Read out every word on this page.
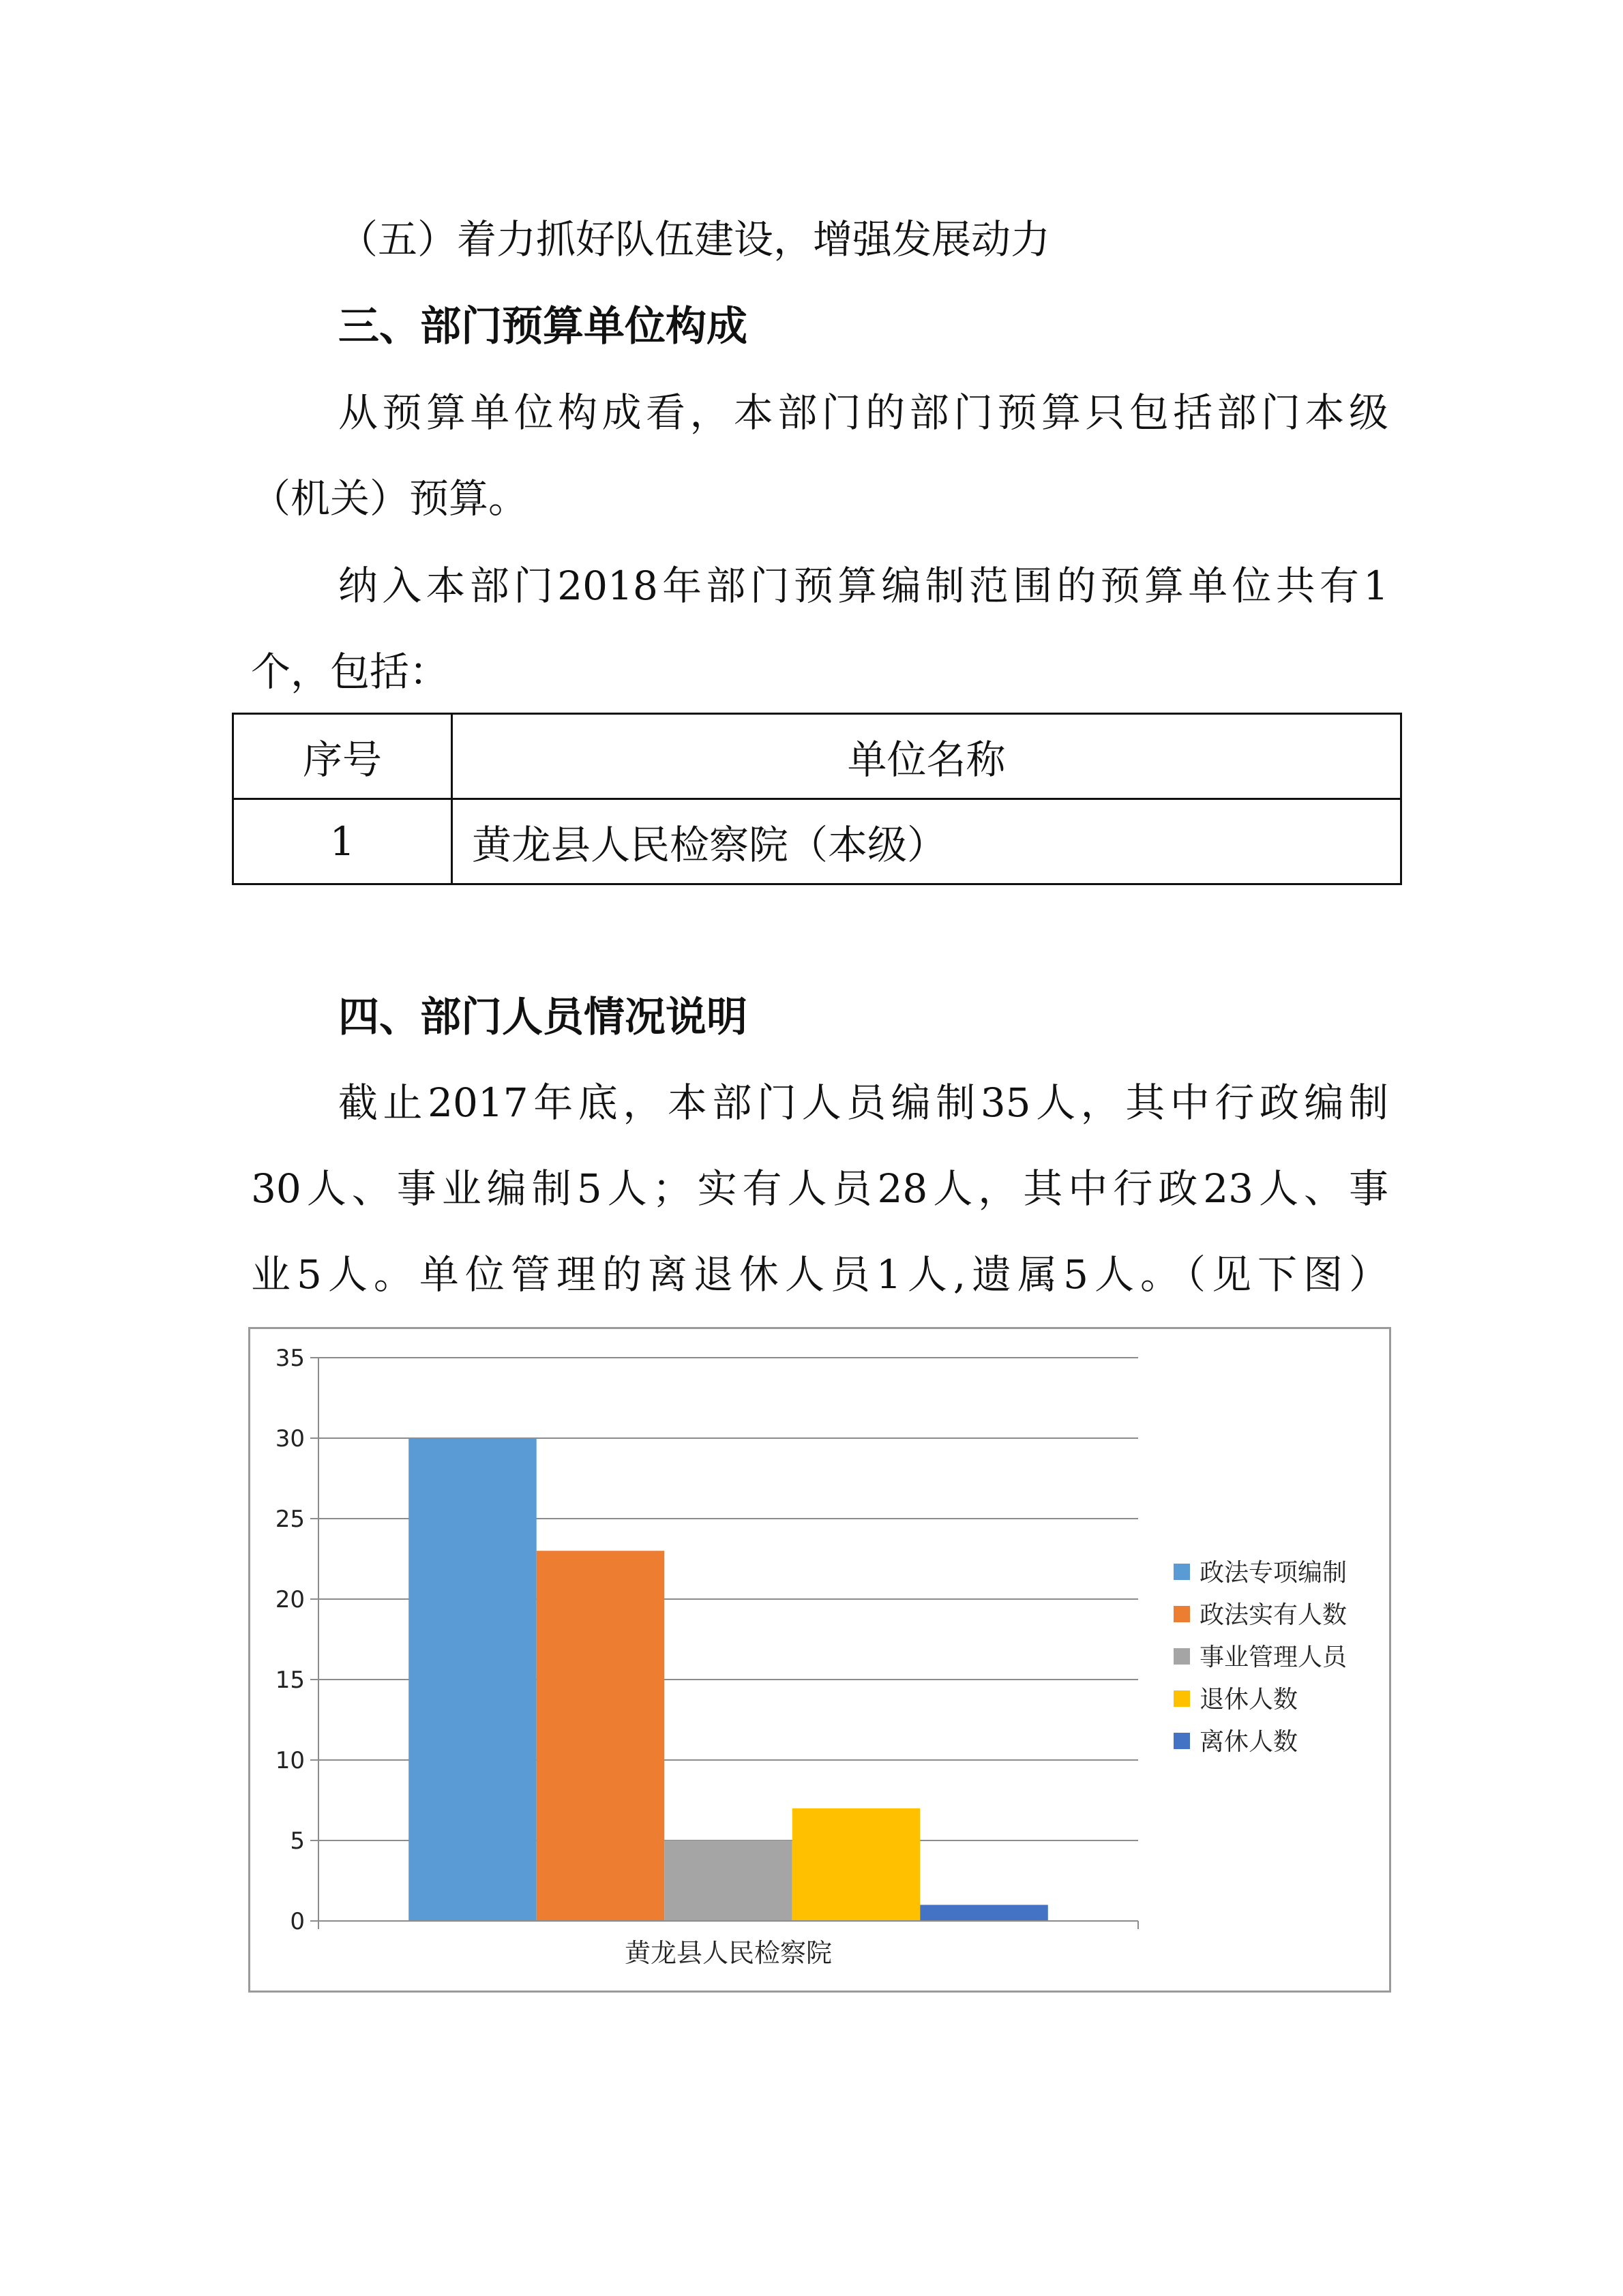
（五）着力抓好队伍建设，增强发展动力
三、部门预算单位构成
从预算单位构成看，本部门的部门预算只包括部门本级
（机关）预算。
纳入本部门2018年部门预算编制范围的预算单位共有1
个，包括：
序号	单位名称
1	黄龙县人民检察院（本级）
四、部门人员情况说明
截止2017年底，本部门人员编制35人，其中行政编制
30人、事业编制5人；实有人员28人，其中行政23人、事
业5人。单位管理的离退休人员1人,遗属5人。（见下图）
0
5
10
15
20
25
30
35
黄龙县人民检察院
政法专项编制
政法实有人数
事业管理人员
退休人数
离休人数
